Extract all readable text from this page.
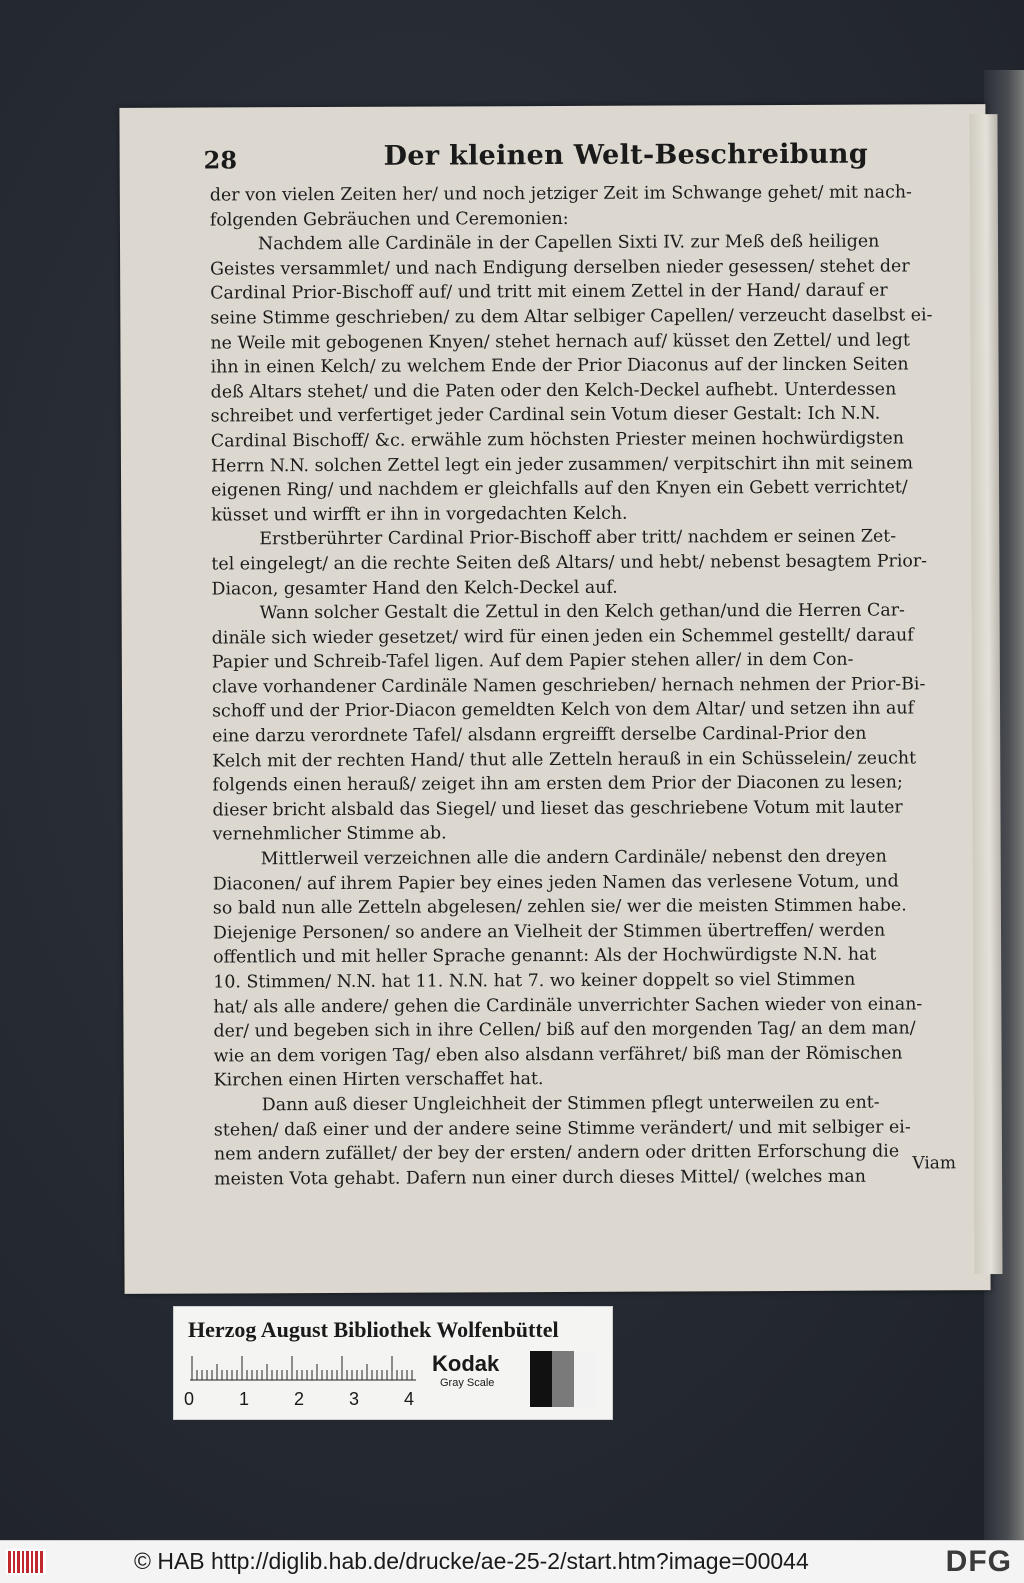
28	Der kleinen Welt-Beschreibung
der von vielen Zeiten her/ und noch jetziger Zeit im Schwange gehet/ mit nach-
folgenden Gebräuchen und Ceremonien:
Nachdem alle Cardinäle in der Capellen Sixti IV. zur Meß deß heiligen
Geistes versammlet/ und nach Endigung derselben nieder gesessen/ stehet der
Cardinal Prior-Bischoff auf/ und tritt mit einem Zettel in der Hand/ darauf er
seine Stimme geschrieben/ zu dem Altar selbiger Capellen/ verzeucht daselbst ei-
ne Weile mit gebogenen Knyen/ stehet hernach auf/ küsset den Zettel/ und legt
ihn in einen Kelch/ zu welchem Ende der Prior Diaconus auf der lincken Seiten
deß Altars stehet/ und die Paten oder den Kelch-Deckel aufhebt. Unterdessen
schreibet und verfertiget jeder Cardinal sein Votum dieser Gestalt: Ich N.N.
Cardinal Bischoff/ &c. erwähle zum höchsten Priester meinen hochwürdigsten
Herrn N.N. solchen Zettel legt ein jeder zusammen/ verpitschirt ihn mit seinem
eigenen Ring/ und nachdem er gleichfalls auf den Knyen ein Gebett verrichtet/
küsset und wirfft er ihn in vorgedachten Kelch.
Erstberührter Cardinal Prior-Bischoff aber tritt/ nachdem er seinen Zet-
tel eingelegt/ an die rechte Seiten deß Altars/ und hebt/ nebenst besagtem Prior-
Diacon, gesamter Hand den Kelch-Deckel auf.
Wann solcher Gestalt die Zettul in den Kelch gethan/und die Herren Car-
dinäle sich wieder gesetzet/ wird für einen jeden ein Schemmel gestellt/ darauf
Papier und Schreib-Tafel ligen. Auf dem Papier stehen aller/ in dem Con-
clave vorhandener Cardinäle Namen geschrieben/ hernach nehmen der Prior-Bi-
schoff und der Prior-Diacon gemeldten Kelch von dem Altar/ und setzen ihn auf
eine darzu verordnete Tafel/ alsdann ergreifft derselbe Cardinal-Prior den
Kelch mit der rechten Hand/ thut alle Zetteln herauß in ein Schüsselein/ zeucht
folgends einen herauß/ zeiget ihn am ersten dem Prior der Diaconen zu lesen;
dieser bricht alsbald das Siegel/ und lieset das geschriebene Votum mit lauter
vernehmlicher Stimme ab.
Mittlerweil verzeichnen alle die andern Cardinäle/ nebenst den dreyen
Diaconen/ auf ihrem Papier bey eines jeden Namen das verlesene Votum, und
so bald nun alle Zetteln abgelesen/ zehlen sie/ wer die meisten Stimmen habe.
Diejenige Personen/ so andere an Vielheit der Stimmen übertreffen/ werden
offentlich und mit heller Sprache genannt: Als der Hochwürdigste N.N. hat
10. Stimmen/ N.N. hat 11. N.N. hat 7. wo keiner doppelt so viel Stimmen
hat/ als alle andere/ gehen die Cardinäle unverrichter Sachen wieder von einan-
der/ und begeben sich in ihre Cellen/ biß auf den morgenden Tag/ an dem man/
wie an dem vorigen Tag/ eben also alsdann verfähret/ biß man der Römischen
Kirchen einen Hirten verschaffet hat.
Dann auß dieser Ungleichheit der Stimmen pflegt unterweilen zu ent-
stehen/ daß einer und der andere seine Stimme verändert/ und mit selbiger ei-
nem andern zufället/ der bey der ersten/ andern oder dritten Erforschung die
meisten Vota gehabt. Dafern nun einer durch dieses Mittel/ (welches man
Viam
Herzog August Bibliothek Wolfenbüttel
0 1 2 3 4
Kodak
Gray Scale
© HAB http://diglib.hab.de/drucke/ae-25-2/start.htm?image=00044	DFG
